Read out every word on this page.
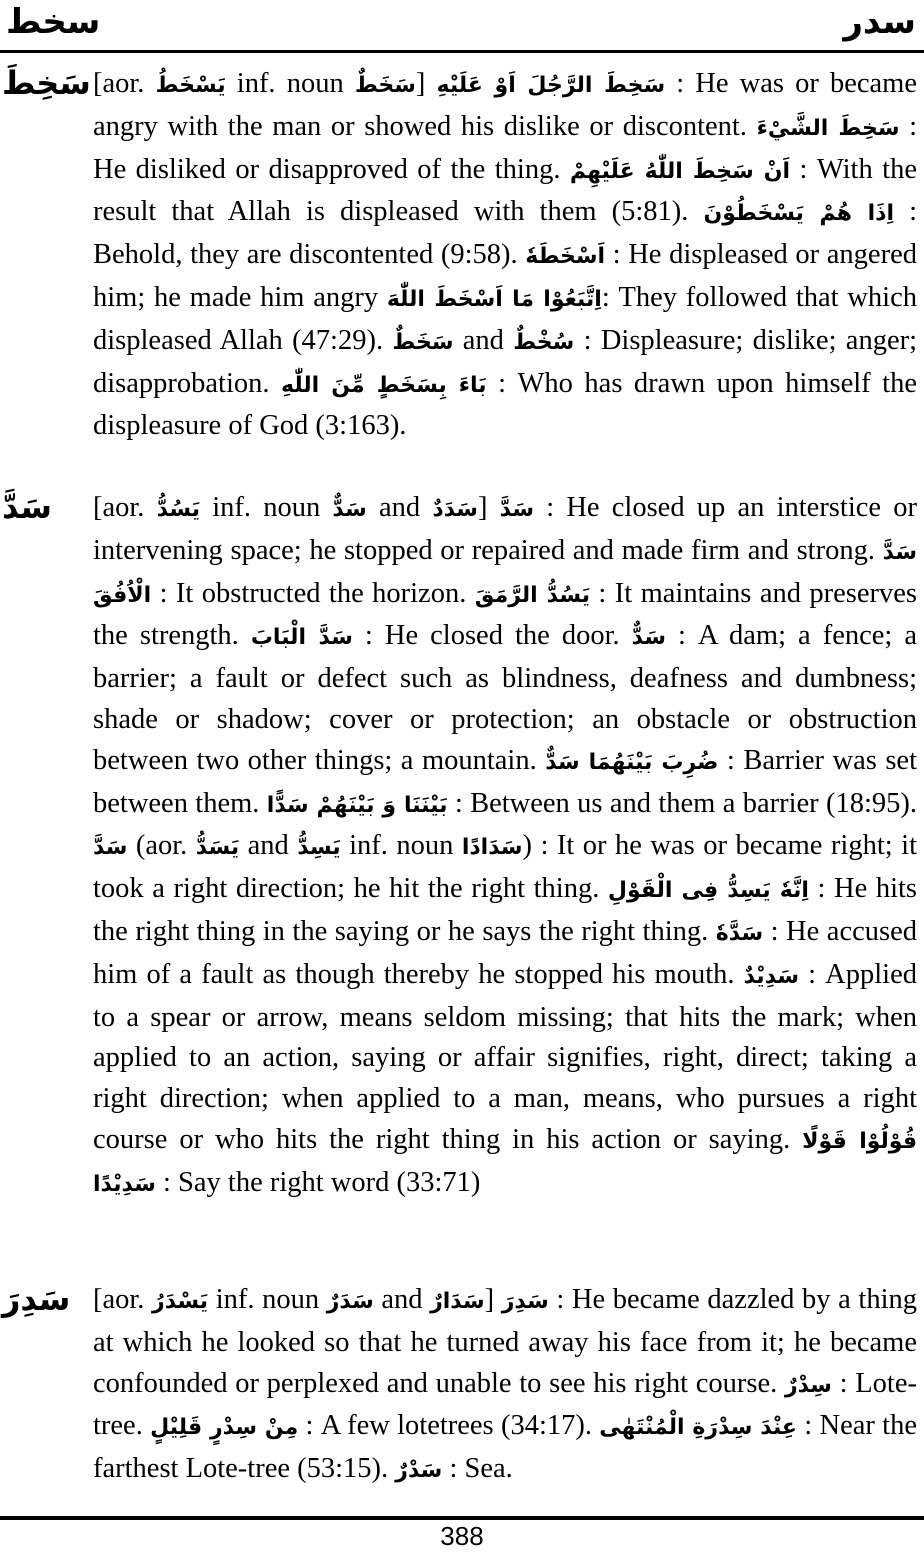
سخط	سدر
سَخِطَ [aor. يَسْخَطُ inf. noun سَخَطٌ] سَخِطَ الرَّجُلَ اَوْ عَلَيْهِ : He was or became angry with the man or showed his dislike or discontent. سَخِطَ الشَّيْءَ : He disliked or disapproved of the thing. اَنْ سَخِطَ اللّٰهُ عَلَيْهِمْ : With the result that Allah is displeased with them (5:81). اِذَا هُمْ يَسْخَطُوْنَ : Behold, they are discontented (9:58). اَسْخَطَهٗ : He displeased or angered him; he made him angry اِتَّبَعُوْا مَا اَسْخَطَ اللّٰهَ: They followed that which displeased Allah (47:29). سَخَطٌ and سُخْطٌ : Displeasure; dislike; anger; disapprobation. بَاءَ بِسَخَطٍ مِّنَ اللّٰهِ : Who has drawn upon himself the displeasure of God (3:163).
سَدَّ [aor. يَسُدُّ inf. noun سَدٌّ and سَدَدٌ] سَدَّ : He closed up an interstice or intervening space; he stopped or repaired and made firm and strong. سَدَّ الْاُفُقَ : It obstructed the horizon. يَسُدُّ الرَّمَقَ : It maintains and preserves the strength. سَدَّ الْبَابَ : He closed the door. سَدٌّ : A dam; a fence; a barrier; a fault or defect such as blindness, deafness and dumbness; shade or shadow; cover or protection; an obstacle or obstruction between two other things; a mountain. ضُرِبَ بَيْنَهُمَا سَدٌّ : Barrier was set between them. بَيْنَنَا وَ بَيْنَهُمْ سَدًّا : Between us and them a barrier (18:95). سَدَّ (aor. يَسَدُّ and يَسِدُّ inf. noun سَدَادًا) : It or he was or became right; it took a right direction; he hit the right thing. اِنَّهٗ يَسِدُّ فِى الْقَوْلِ : He hits the right thing in the saying or he says the right thing. سَدَّهٗ : He accused him of a fault as though thereby he stopped his mouth. سَدِيْدٌ : Applied to a spear or arrow, means seldom missing; that hits the mark; when applied to an action, saying or affair signifies, right, direct; taking a right direction; when applied to a man, means, who pursues a right course or who hits the right thing in his action or saying. قُوْلُوْا قَوْلًا سَدِيْدًا : Say the right word (33:71)
سَدِرَ [aor. يَسْدَرُ inf. noun سَدَرٌ and سَدَارٌ] سَدِرَ : He became dazzled by a thing at which he looked so that he turned away his face from it; he became confounded or perplexed and unable to see his right course. سِدْرٌ : Lote-tree. مِنْ سِدْرٍ قَلِيْلٍ : A few lotetrees (34:17). عِنْدَ سِدْرَةِ الْمُنْتَهٰى : Near the farthest Lote-tree (53:15). سَدْرٌ : Sea.
388
